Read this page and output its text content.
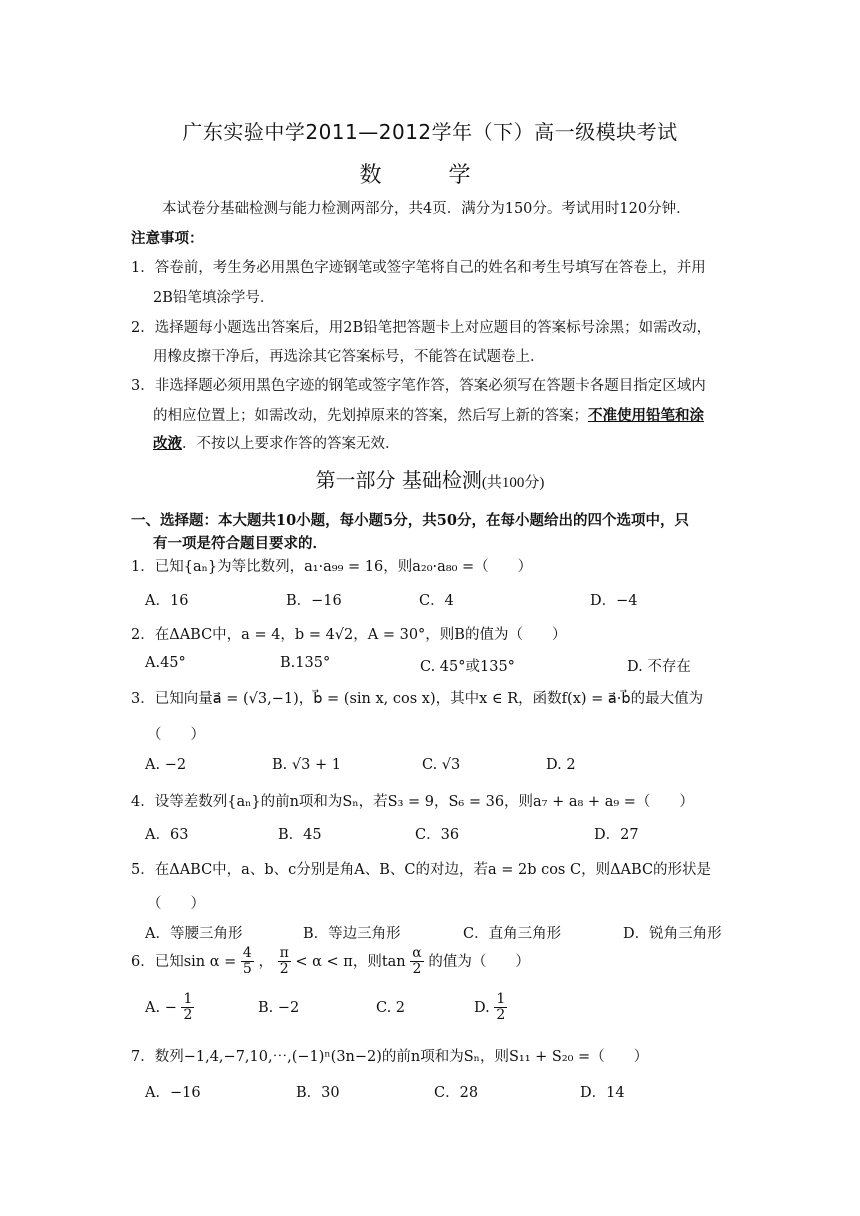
广东实验中学2011—2012学年（下）高一级模块考试
数 学
本试卷分基础检测与能力检测两部分，共4页．满分为150分。考试用时120分钟．
注意事项：
1．答卷前，考生务必用黑色字迹钢笔或签字笔将自己的姓名和考生号填写在答卷上，并用
2B铅笔填涂学号．
2．选择题每小题选出答案后，用2B铅笔把答题卡上对应题目的答案标号涂黑；如需改动，
用橡皮擦干净后，再选涂其它答案标号，不能答在试题卷上．
3．非选择题必须用黑色字迹的钢笔或签字笔作答，答案必须写在答题卡各题目指定区域内
的相应位置上；如需改动，先划掉原来的答案，然后写上新的答案；不准使用铅笔和涂
改液．不按以上要求作答的答案无效．
第一部分 基础检测(共100分)
一、选择题：本大题共10小题，每小题5分，共50分，在每小题给出的四个选项中，只
有一项是符合题目要求的．
1．已知{aₙ}为等比数列，a₁·a₉₉ = 16，则a₂₀·a₈₀ =（　　）
A．16	B．−16	C．4	D．−4
2．在ΔABC中，a = 4，b = 4√2，A = 30°，则B的值为（　　）
A.45°	B.135°	C. 45°或135°	D. 不存在
3．已知向量a⃗ = (√3,−1)，b⃗ = (sin x, cos x)，其中x ∈ R，函数f(x) = a⃗·b⃗的最大值为
（　　）
A. −2	B. √3 + 1	C. √3	D. 2
4．设等差数列{aₙ}的前n项和为Sₙ，若S₃ = 9，S₆ = 36，则a₇ + a₈ + a₉ =（　　）
A．63	B．45	C．36	D．27
5．在ΔABC中，a、b、c分别是角A、B、C的对边，若a = 2b cos C，则ΔABC的形状是
（　　）
A．等腰三角形	B．等边三角形	C．直角三角形	D．锐角三角形
6．已知$\sin \alpha = \frac{4}{5}$ ， $\frac{\pi}{2} < \alpha < \pi$，则$\tan \frac{\alpha}{2}$ 的值为（　　）
A. − $\frac{1}{2}$	B. −2	C. 2	D. $\frac{1}{2}$
7．数列−1,4,−7,10,⋯,(−1)ⁿ(3n−2)的前n项和为Sₙ，则S₁₁ + S₂₀ =（　　）
A．−16	B．30	C．28	D．14
